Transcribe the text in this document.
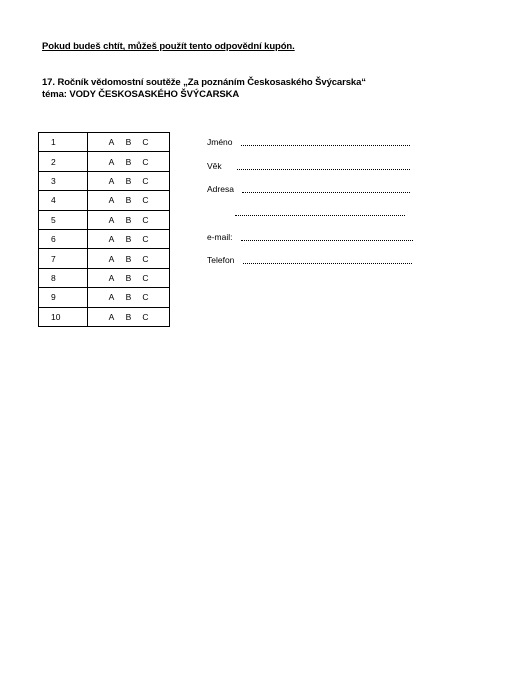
Pokud budeš chtít, můžeš použít tento odpovědní kupón.
17. Ročník vědomostní soutěže „Za poznáním Českosaského Švýcarska“
téma: VODY ČESKOSASKÉHO ŠVÝCARSKA
1	A B C
2	A B C
3	A B C
4	A B C
5	A B C
6	A B C
7	A B C
8	A B C
9	A B C
10	A B C
Jméno
Věk
Adresa
e-mail:
Telefon
